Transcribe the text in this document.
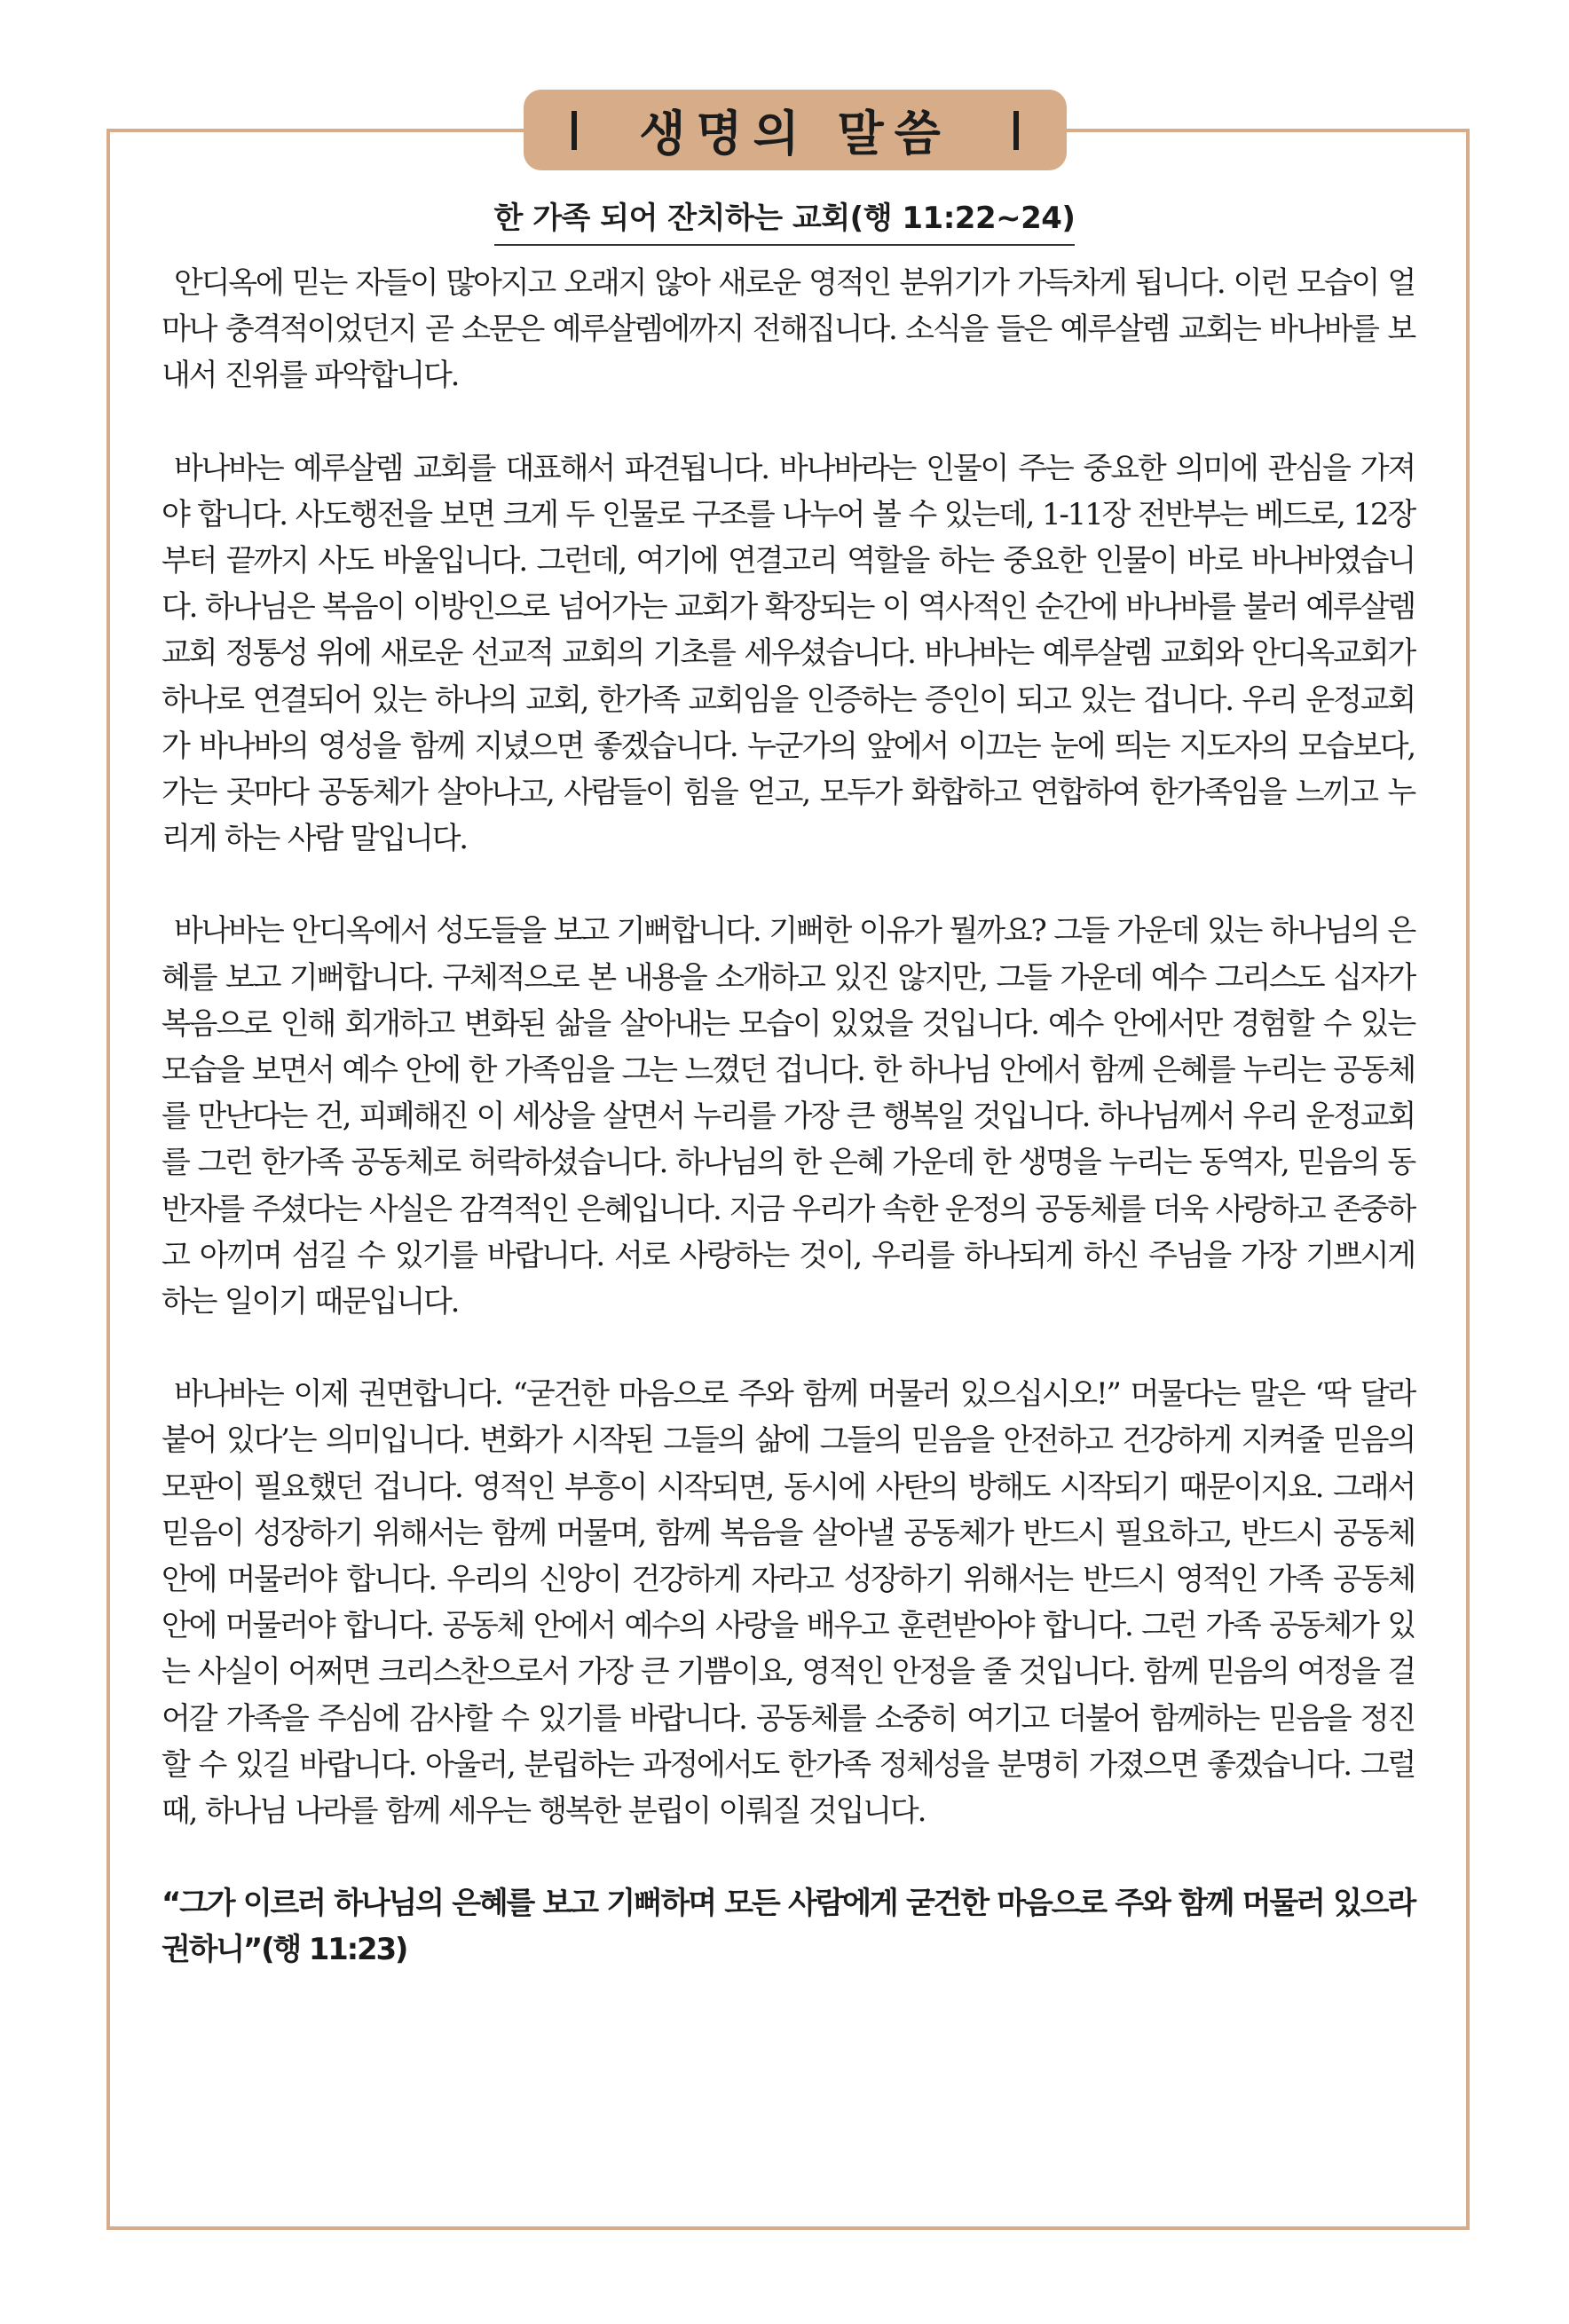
생명의 말씀
한 가족 되어 잔치하는 교회(행 11:22~24)

안디옥에 믿는 자들이 많아지고 오래지 않아 새로운 영적인 분위기가 가득차게 됩니다. 이런 모습이 얼마나 충격적이었던지 곧 소문은 예루살렘에까지 전해집니다. 소식을 들은 예루살렘 교회는 바나바를 보내서 진위를 파악합니다.

바나바는 예루살렘 교회를 대표해서 파견됩니다. 바나바라는 인물이 주는 중요한 의미에 관심을 가져야 합니다. 사도행전을 보면 크게 두 인물로 구조를 나누어 볼 수 있는데, 1-11장 전반부는 베드로, 12장부터 끝까지 사도 바울입니다. 그런데, 여기에 연결고리 역할을 하는 중요한 인물이 바로 바나바였습니다. 하나님은 복음이 이방인으로 넘어가는 교회가 확장되는 이 역사적인 순간에 바나바를 불러 예루살렘 교회 정통성 위에 새로운 선교적 교회의 기초를 세우셨습니다. 바나바는 예루살렘 교회와 안디옥교회가 하나로 연결되어 있는 하나의 교회, 한가족 교회임을 인증하는 증인이 되고 있는 겁니다. 우리 운정교회가 바나바의 영성을 함께 지녔으면 좋겠습니다. 누군가의 앞에서 이끄는 눈에 띄는 지도자의 모습보다, 가는 곳마다 공동체가 살아나고, 사람들이 힘을 얻고, 모두가 화합하고 연합하여 한가족임을 느끼고 누리게 하는 사람 말입니다.

바나바는 안디옥에서 성도들을 보고 기뻐합니다. 기뻐한 이유가 뭘까요? 그들 가운데 있는 하나님의 은혜를 보고 기뻐합니다. 구체적으로 본 내용을 소개하고 있진 않지만, 그들 가운데 예수 그리스도 십자가 복음으로 인해 회개하고 변화된 삶을 살아내는 모습이 있었을 것입니다. 예수 안에서만 경험할 수 있는 모습을 보면서 예수 안에 한 가족임을 그는 느꼈던 겁니다. 한 하나님 안에서 함께 은혜를 누리는 공동체를 만난다는 건, 피폐해진 이 세상을 살면서 누리를 가장 큰 행복일 것입니다. 하나님께서 우리 운정교회를 그런 한가족 공동체로 허락하셨습니다. 하나님의 한 은혜 가운데 한 생명을 누리는 동역자, 믿음의 동반자를 주셨다는 사실은 감격적인 은혜입니다. 지금 우리가 속한 운정의 공동체를 더욱 사랑하고 존중하고 아끼며 섬길 수 있기를 바랍니다. 서로 사랑하는 것이, 우리를 하나되게 하신 주님을 가장 기쁘시게 하는 일이기 때문입니다.

바나바는 이제 권면합니다. “굳건한 마음으로 주와 함께 머물러 있으십시오!” 머물다는 말은 ‘딱 달라붙어 있다’는 의미입니다. 변화가 시작된 그들의 삶에 그들의 믿음을 안전하고 건강하게 지켜줄 믿음의 모판이 필요했던 겁니다. 영적인 부흥이 시작되면, 동시에 사탄의 방해도 시작되기 때문이지요. 그래서 믿음이 성장하기 위해서는 함께 머물며, 함께 복음을 살아낼 공동체가 반드시 필요하고, 반드시 공동체 안에 머물러야 합니다. 우리의 신앙이 건강하게 자라고 성장하기 위해서는 반드시 영적인 가족 공동체 안에 머물러야 합니다. 공동체 안에서 예수의 사랑을 배우고 훈련받아야 합니다. 그런 가족 공동체가 있는 사실이 어쩌면 크리스찬으로서 가장 큰 기쁨이요, 영적인 안정을 줄 것입니다. 함께 믿음의 여정을 걸어갈 가족을 주심에 감사할 수 있기를 바랍니다. 공동체를 소중히 여기고 더불어 함께하는 믿음을 정진할 수 있길 바랍니다. 아울러, 분립하는 과정에서도 한가족 정체성을 분명히 가졌으면 좋겠습니다. 그럴 때, 하나님 나라를 함께 세우는 행복한 분립이 이뤄질 것입니다.

“그가 이르러 하나님의 은혜를 보고 기뻐하며 모든 사람에게 굳건한 마음으로 주와 함께 머물러 있으라 권하니”(행 11:23)
